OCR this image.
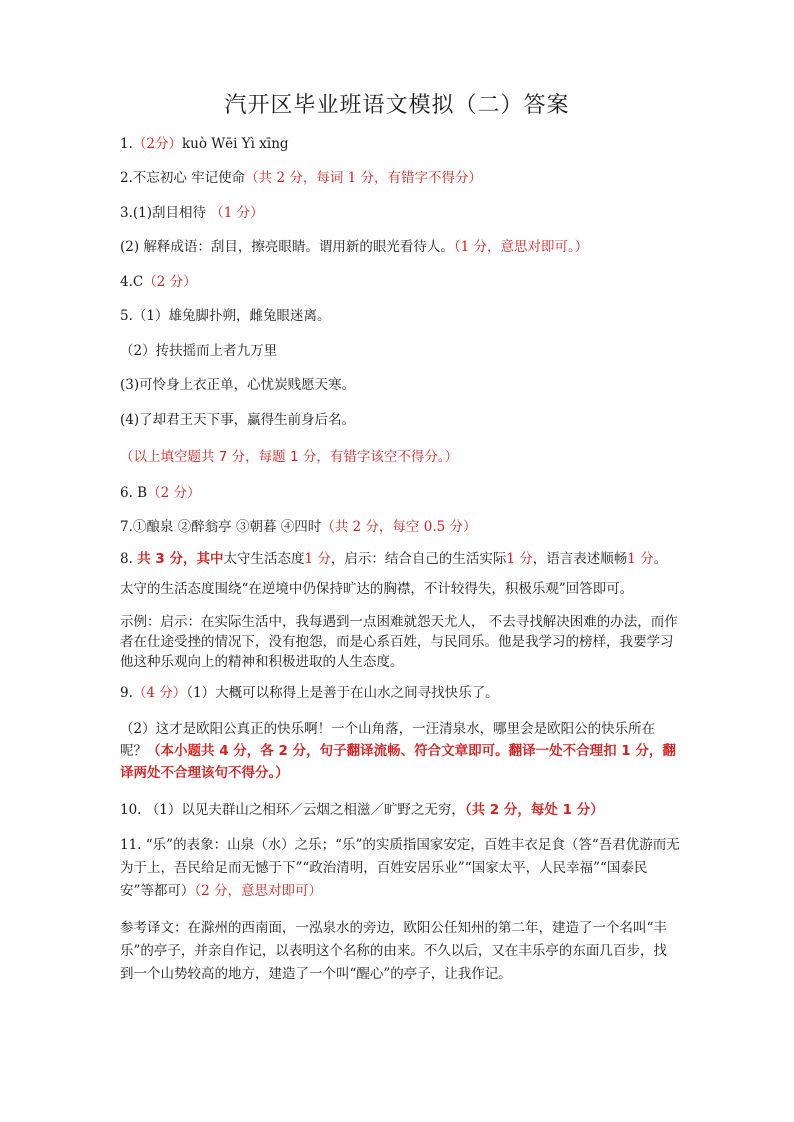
汽开区毕业班语文模拟（二）答案
1.（2分）kuò Wēi Yì xīng
2.不忘初心 牢记使命（共 2 分，每词 1 分，有错字不得分）
3.(1)刮目相待 （1 分）
(2) 解释成语：刮目，擦亮眼睛。谓用新的眼光看待人。（1 分，意思对即可。）
4.C（2 分）
5.（1）雄兔脚扑朔，雌兔眼迷离。
（2）抟扶摇而上者九万里
(3)可怜身上衣正单，心忧炭贱愿天寒。
(4)了却君王天下事，赢得生前身后名。
（以上填空题共 7 分，每题 1 分，有错字该空不得分。）
6. B（2 分）
7.①酿泉 ②醉翁亭 ③朝暮 ④四时（共 2 分，每空 0.5 分）
8. 共 3 分，其中太守生活态度1 分，启示：结合自己的生活实际1 分，语言表述顺畅1 分。
太守的生活态度围绕“在逆境中仍保持旷达的胸襟，不计较得失，积极乐观”回答即可。
示例：启示：在实际生活中，我每遇到一点困难就怨天尤人， 不去寻找解决困难的办法，而作者在仕途受挫的情况下，没有抱怨，而是心系百姓，与民同乐。他是我学习的榜样，我要学习他这种乐观向上的精神和积极进取的人生态度。
9.（4 分）（1）大概可以称得上是善于在山水之间寻找快乐了。
（2）这才是欧阳公真正的快乐啊！一个山角落，一汪清泉水，哪里会是欧阳公的快乐所在呢？（本小题共 4 分，各 2 分，句子翻译流畅、符合文章即可。翻译一处不合理扣 1 分，翻译两处不合理该句不得分。）
10. （1）以见夫群山之相环／云烟之相滋／旷野之无穷，（共 2 分，每处 1 分）
11. “乐”的表象：山泉（水）之乐；“乐”的实质指国家安定，百姓丰衣足食（答“吾君优游而无为于上，吾民给足而无憾于下”“政治清明，百姓安居乐业”“国家太平，人民幸福”“国泰民安”等都可）（2 分，意思对即可）
参考译文：在滁州的西南面，一泓泉水的旁边，欧阳公任知州的第二年，建造了一个名叫“丰乐”的亭子，并亲自作记，以表明这个名称的由来。不久以后，又在丰乐亭的东面几百步，找到一个山势较高的地方，建造了一个叫“醒心”的亭子，让我作记。
